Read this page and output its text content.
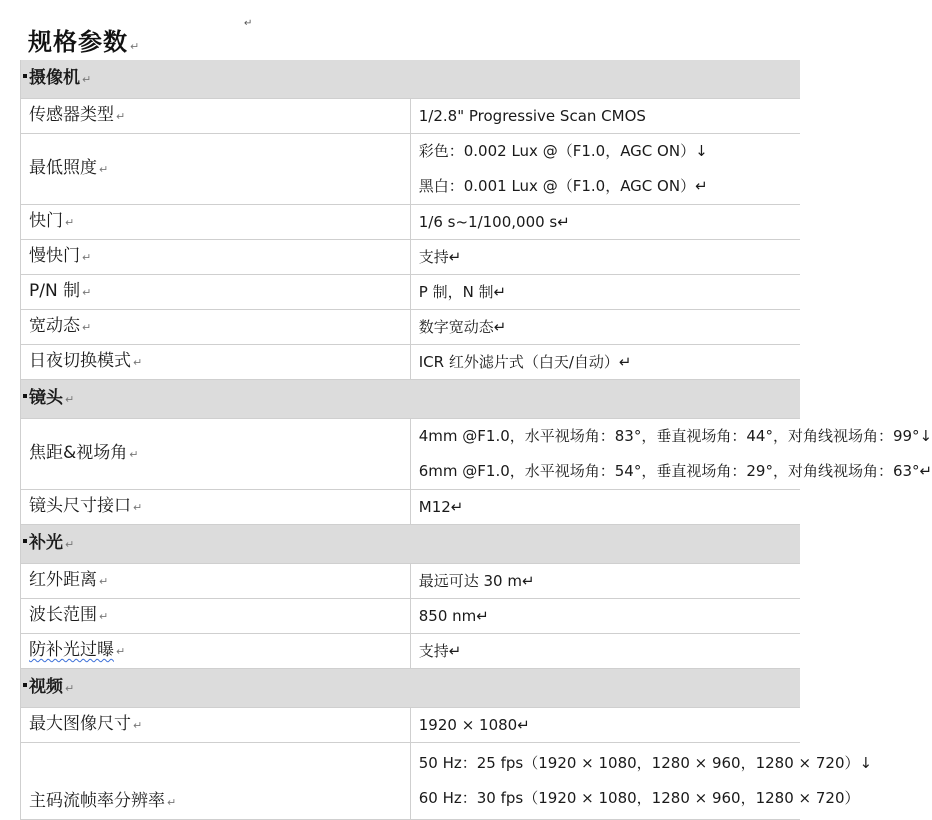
规格参数 ↵
↵
摄像机 ↵	
传感器类型 ↵	1/2.8" Progressive Scan CMOS
最低照度 ↵	彩色：0.002 Lux @（F1.0，AGC ON）↓
黑白：0.001 Lux @（F1.0，AGC ON）↵

快门 ↵	1/6 s~1/100,000 s↵
慢快门 ↵	支持↵
P/N 制 ↵	P 制，N 制↵
宽动态 ↵	数字宽动态↵
日夜切换模式 ↵	ICR 红外滤片式（白天/自动）↵
镜头 ↵	
焦距&视场角 ↵	4mm @F1.0，水平视场角：83°，垂直视场角：44°，对角线视场角：99°↓
6mm @F1.0，水平视场角：54°，垂直视场角：29°，对角线视场角：63°↵

镜头尺寸接口 ↵	M12↵
补光 ↵	
红外距离 ↵	最远可达 30 m↵
波长范围 ↵	850 nm↵
防补光过曝 ↵	支持↵
视频 ↵	
最大图像尺寸 ↵	1920 × 1080↵
主码流帧率分辨率 ↵	50 Hz：25 fps（1920 × 1080，1280 × 960，1280 × 720）↓
60 Hz：30 fps（1920 × 1080，1280 × 960，1280 × 720）
